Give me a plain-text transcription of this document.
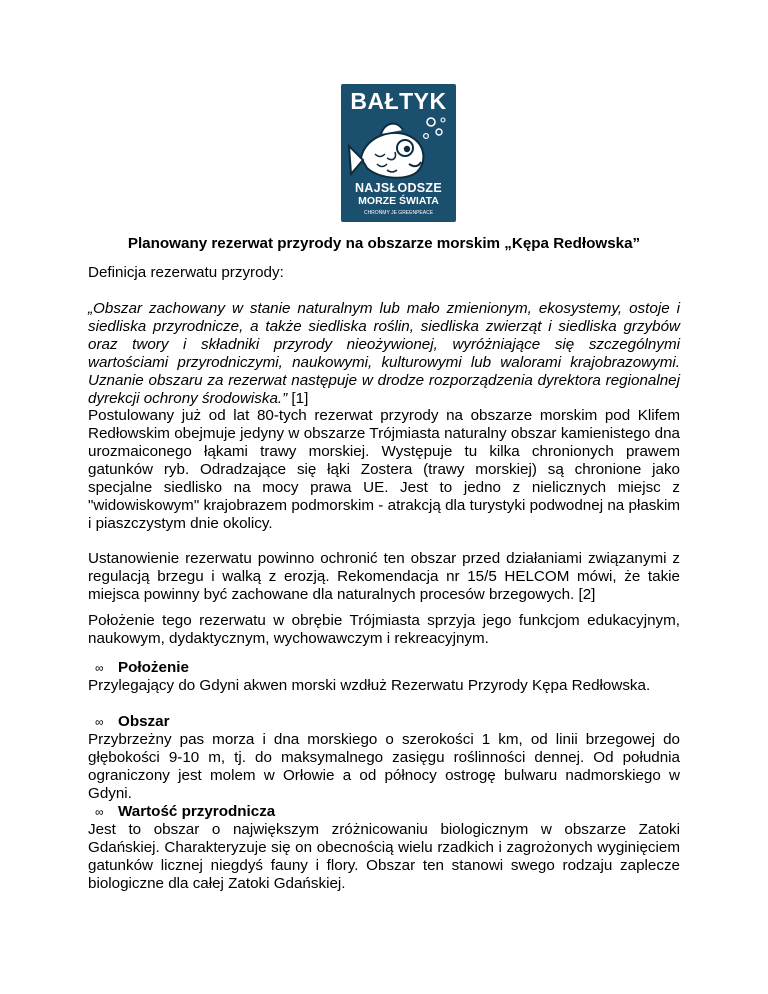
BAŁTYK
NAJSŁODSZE
MORZE ŚWIATA
CHROŃMY JE GREENPEACE
Planowany rezerwat przyrody na obszarze morskim „Kępa Redłowska”
Definicja rezerwatu przyrody:
„Obszar zachowany w stanie naturalnym lub mało zmienionym, ekosystemy, ostoje i siedliska przyrodnicze, a także siedliska roślin, siedliska zwierząt i siedliska grzybów oraz twory i składniki przyrody nieożywionej, wyróżniające się szczególnymi wartościami przyrodniczymi, naukowymi, kulturowymi lub walorami krajobrazowymi. Uznanie obszaru za rezerwat następuje w drodze rozporządzenia dyrektora regionalnej dyrekcji ochrony środowiska.” [1]
Postulowany już od lat 80-tych rezerwat przyrody na obszarze morskim pod Klifem Redłowskim obejmuje jedyny w obszarze Trójmiasta naturalny obszar kamienistego dna urozmaiconego łąkami trawy morskiej. Występuje tu kilka chronionych prawem gatunków ryb. Odradzające się łąki Zostera (trawy morskiej) są chronione jako specjalne siedlisko na mocy prawa UE. Jest to jedno z nielicznych miejsc z "widowiskowym" krajobrazem podmorskim - atrakcją dla turystyki podwodnej na płaskim i piaszczystym dnie okolicy.
Ustanowienie rezerwatu powinno ochronić ten obszar przed działaniami związanymi z regulacją brzegu i walką z erozją. Rekomendacja nr 15/5 HELCOM mówi, że takie miejsca powinny być zachowane dla naturalnych procesów brzegowych. [2]
Położenie tego rezerwatu w obrębie Trójmiasta sprzyja jego funkcjom edukacyjnym, naukowym, dydaktycznym, wychowawczym i rekreacyjnym.
∞ Położenie
Przylegający do Gdyni akwen morski wzdłuż Rezerwatu Przyrody Kępa Redłowska.
∞ Obszar
Przybrzeżny pas morza i dna morskiego o szerokości 1 km, od linii brzegowej do głębokości 9-10 m, tj. do maksymalnego zasięgu roślinności dennej. Od południa ograniczony jest molem w Orłowie a od północy ostrogę bulwaru nadmorskiego w Gdyni.
∞ Wartość przyrodnicza
Jest to obszar o największym zróżnicowaniu biologicznym w obszarze Zatoki Gdańskiej. Charakteryzuje się on obecnością wielu rzadkich i zagrożonych wyginięciem gatunków licznej niegdyś fauny i flory. Obszar ten stanowi swego rodzaju zaplecze biologiczne dla całej Zatoki Gdańskiej.
